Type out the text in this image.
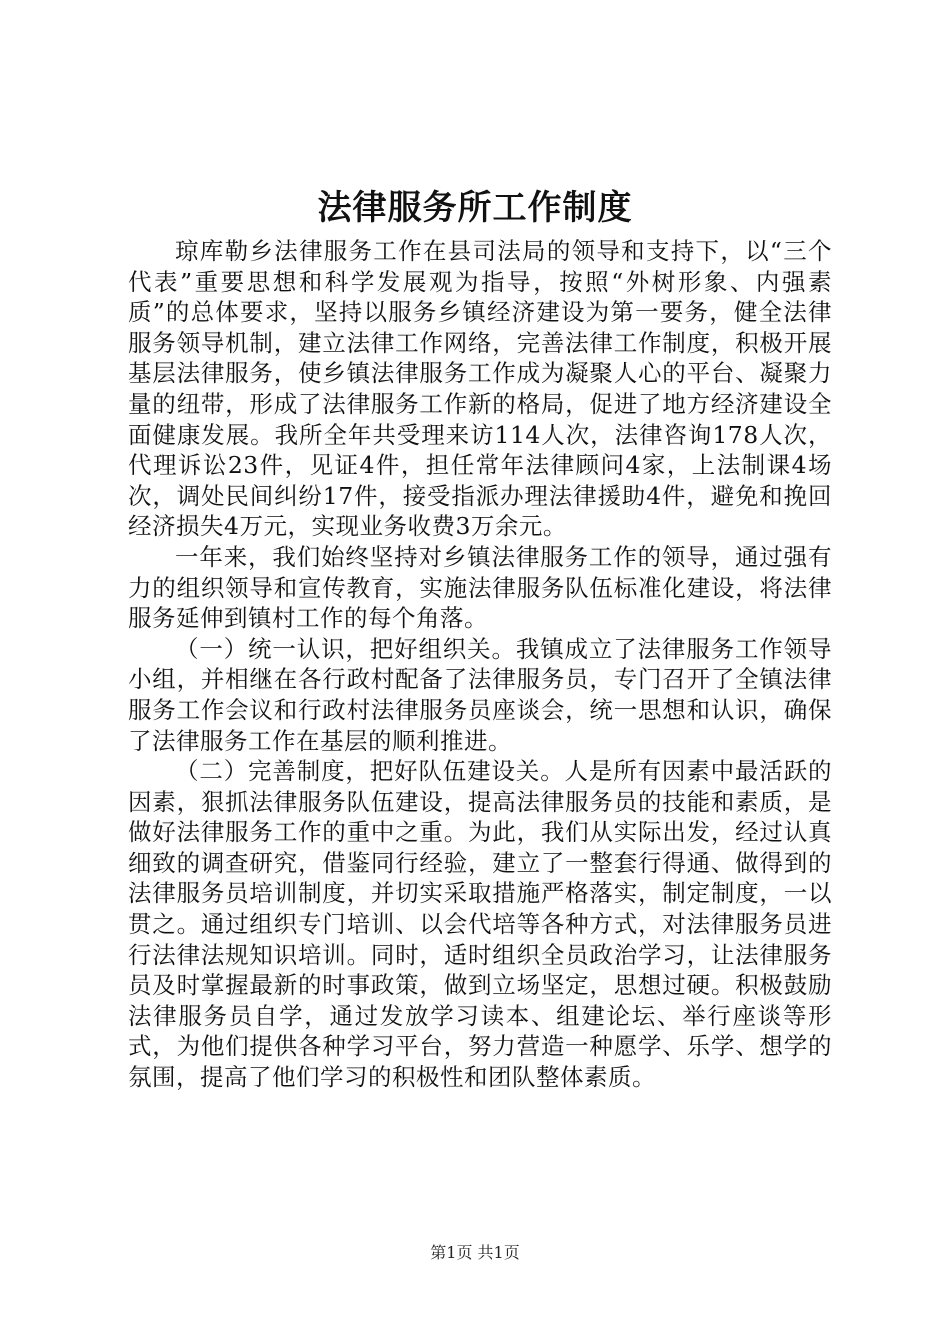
法律服务所工作制度

琼库勒乡法律服务工作在县司法局的领导和支持下，以“三个代表”重要思想和科学发展观为指导，按照“外树形象、内强素质”的总体要求，坚持以服务乡镇经济建设为第一要务，健全法律服务领导机制，建立法律工作网络，完善法律工作制度，积极开展基层法律服务，使乡镇法律服务工作成为凝聚人心的平台、凝聚力量的纽带，形成了法律服务工作新的格局，促进了地方经济建设全面健康发展。我所全年共受理来访114人次，法律咨询178人次，代理诉讼23件，见证4件，担任常年法律顾问4家，上法制课4场次，调处民间纠纷17件，接受指派办理法律援助4件，避免和挽回经济损失4万元，实现业务收费3万余元。

一年来，我们始终坚持对乡镇法律服务工作的领导，通过强有力的组织领导和宣传教育，实施法律服务队伍标准化建设，将法律服务延伸到镇村工作的每个角落。

（一）统一认识，把好组织关。我镇成立了法律服务工作领导小组，并相继在各行政村配备了法律服务员，专门召开了全镇法律服务工作会议和行政村法律服务员座谈会，统一思想和认识，确保了法律服务工作在基层的顺利推进。

（二）完善制度，把好队伍建设关。人是所有因素中最活跃的因素，狠抓法律服务队伍建设，提高法律服务员的技能和素质，是做好法律服务工作的重中之重。为此，我们从实际出发，经过认真细致的调查研究，借鉴同行经验，建立了一整套行得通、做得到的法律服务员培训制度，并切实采取措施严格落实，制定制度，一以贯之。通过组织专门培训、以会代培等各种方式，对法律服务员进行法律法规知识培训。同时，适时组织全员政治学习，让法律服务员及时掌握最新的时事政策，做到立场坚定，思想过硬。积极鼓励法律服务员自学，通过发放学习读本、组建论坛、举行座谈等形式，为他们提供各种学习平台，努力营造一种愿学、乐学、想学的氛围，提高了他们学习的积极性和团队整体素质。

第1页 共1页
